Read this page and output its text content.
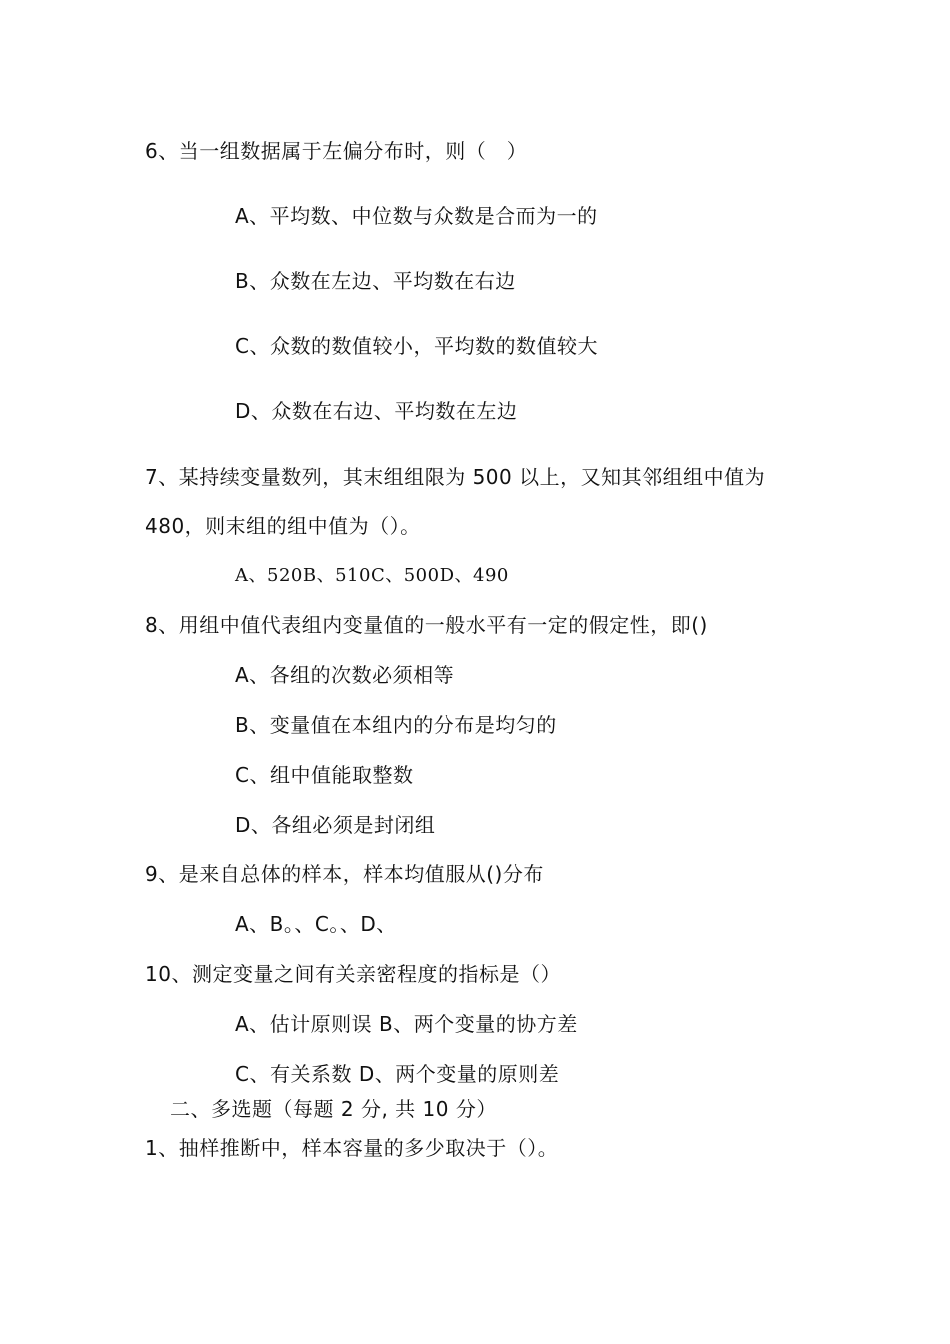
6、当一组数据属于左偏分布时，则（　）
A、平均数、中位数与众数是合而为一的
B、众数在左边、平均数在右边
C、众数的数值较小，平均数的数值较大
D、众数在右边、平均数在左边
7、某持续变量数列，其末组组限为 500 以上，又知其邻组组中值为
480，则末组的组中值为（）。
A、520B、510C、500D、490
8、用组中值代表组内变量值的一般水平有一定的假定性，即()
A、各组的次数必须相等
B、变量值在本组内的分布是均匀的
C、组中值能取整数
D、各组必须是封闭组
9、是来自总体的样本，样本均值服从()分布
A、B。、C。、D、
10、测定变量之间有关亲密程度的指标是（）
A、估计原则误 B、两个变量的协方差
C、有关系数 D、两个变量的原则差
二、多选题（每题 2 分, 共 10 分）
1、抽样推断中，样本容量的多少取决于（）。
